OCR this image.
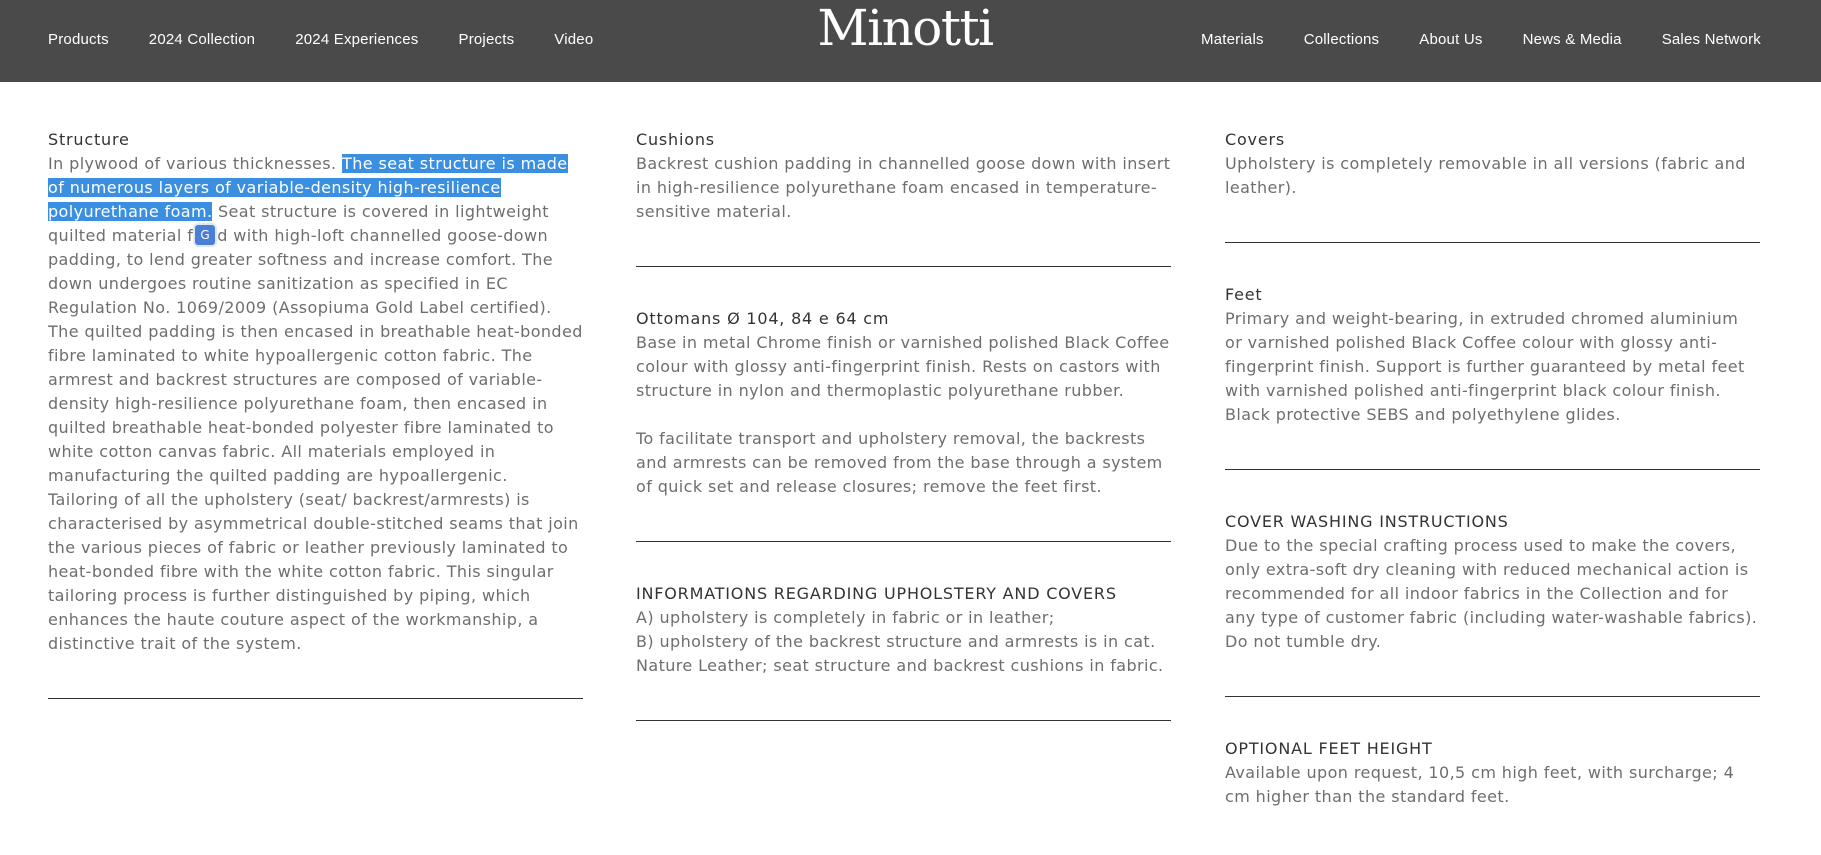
Products	2024 Collection	2024 Experiences	Projects	Video	Minotti	Materials	Collections	About Us	News & Media	Sales Network
Structure

In plywood of various thicknesses. The seat structure is made of numerous layers of variable-density high-resilience polyurethane foam. Seat structure is covered in lightweight quilted material f G d with high-loft channelled goose-down padding, to lend greater softness and increase comfort. The down undergoes routine sanitization as specified in EC Regulation No. 1069/2009 (Assopiuma Gold Label certified). The quilted padding is then encased in breathable heat-bonded fibre laminated to white hypoallergenic cotton fabric. The armrest and backrest structures are composed of variable-density high-resilience polyurethane foam, then encased in quilted breathable heat-bonded polyester fibre laminated to white cotton canvas fabric. All materials employed in manufacturing the quilted padding are hypoallergenic. Tailoring of all the upholstery (seat/ backrest/armrests) is characterised by asymmetrical double-stitched seams that join the various pieces of fabric or leather previously laminated to heat-bonded fibre with the white cotton fabric. This singular tailoring process is further distinguished by piping, which enhances the haute couture aspect of the workmanship, a distinctive trait of the system.

Cushions

Backrest cushion padding in channelled goose down with insert in high-resilience polyurethane foam encased in temperature-sensitive material.

Ottomans Ø 104, 84 e 64 cm

Base in metal Chrome finish or varnished polished Black Coffee colour with glossy anti-fingerprint finish. Rests on castors with structure in nylon and thermoplastic polyurethane rubber.

To facilitate transport and upholstery removal, the backrests and armrests can be removed from the base through a system of quick set and release closures; remove the feet first.

INFORMATIONS REGARDING UPHOLSTERY AND COVERS

A) upholstery is completely in fabric or in leather;
B) upholstery of the backrest structure and armrests is in cat. Nature Leather; seat structure and backrest cushions in fabric.

Covers

Upholstery is completely removable in all versions (fabric and leather).

Feet

Primary and weight-bearing, in extruded chromed aluminium or varnished polished Black Coffee colour with glossy anti-fingerprint finish. Support is further guaranteed by metal feet with varnished polished anti-fingerprint black colour finish. Black protective SEBS and polyethylene glides.

COVER WASHING INSTRUCTIONS

Due to the special crafting process used to make the covers, only extra-soft dry cleaning with reduced mechanical action is recommended for all indoor fabrics in the Collection and for any type of customer fabric (including water-washable fabrics). Do not tumble dry.

OPTIONAL FEET HEIGHT

Available upon request, 10,5 cm high feet, with surcharge; 4 cm higher than the standard feet.
